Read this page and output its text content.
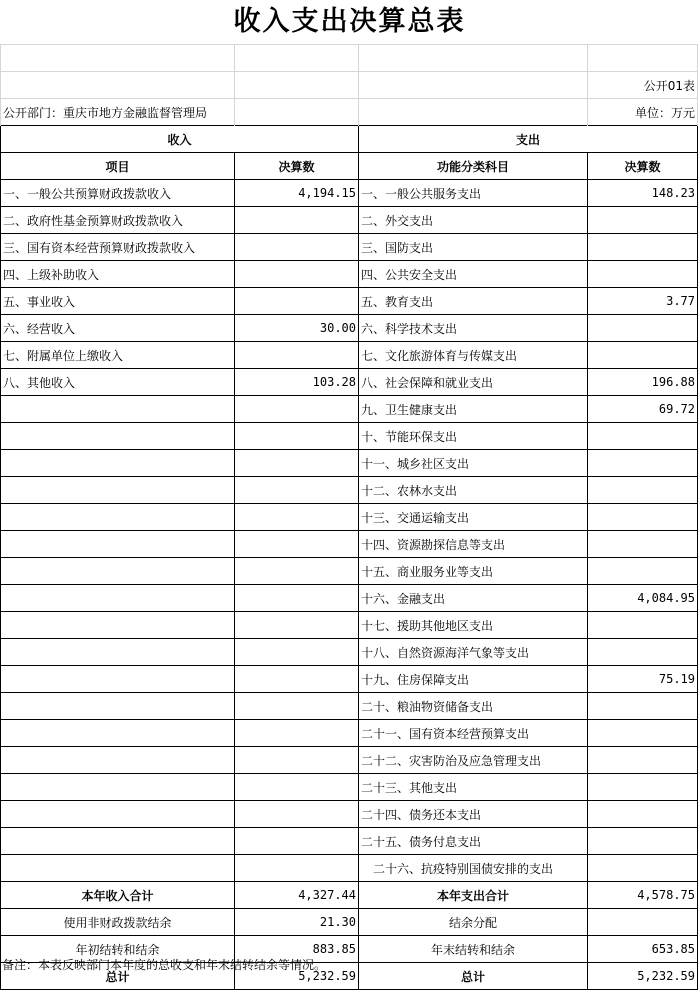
收入支出决算总表

			公开01表
公开部门：重庆市地方金融监督管理局			单位：万元
收入		支出	
项目	决算数	功能分类科目	决算数
一、一般公共预算财政拨款收入	4,194.15	一、一般公共服务支出	148.23
二、政府性基金预算财政拨款收入		二、外交支出	
三、国有资本经营预算财政拨款收入		三、国防支出	
四、上级补助收入		四、公共安全支出	
五、事业收入		五、教育支出	3.77
六、经营收入	30.00	六、科学技术支出	
七、附属单位上缴收入		七、文化旅游体育与传媒支出	
八、其他收入	103.28	八、社会保障和就业支出	196.88
		九、卫生健康支出	69.72
		十、节能环保支出	
		十一、城乡社区支出	
		十二、农林水支出	
		十三、交通运输支出	
		十四、资源勘探信息等支出	
		十五、商业服务业等支出	
		十六、金融支出	4,084.95
		十七、援助其他地区支出	
		十八、自然资源海洋气象等支出	
		十九、住房保障支出	75.19
		二十、粮油物资储备支出	
		二十一、国有资本经营预算支出	
		二十二、灾害防治及应急管理支出	
		二十三、其他支出	
		二十四、债务还本支出	
		二十五、债务付息支出	
		二十六、抗疫特别国债安排的支出	
本年收入合计	4,327.44	本年支出合计	4,578.75
使用非财政拨款结余	21.30	结余分配	
年初结转和结余	883.85	年末结转和结余	653.85
总计	5,232.59	总计	5,232.59
备注：本表反映部门本年度的总收支和年末结转结余等情况。
